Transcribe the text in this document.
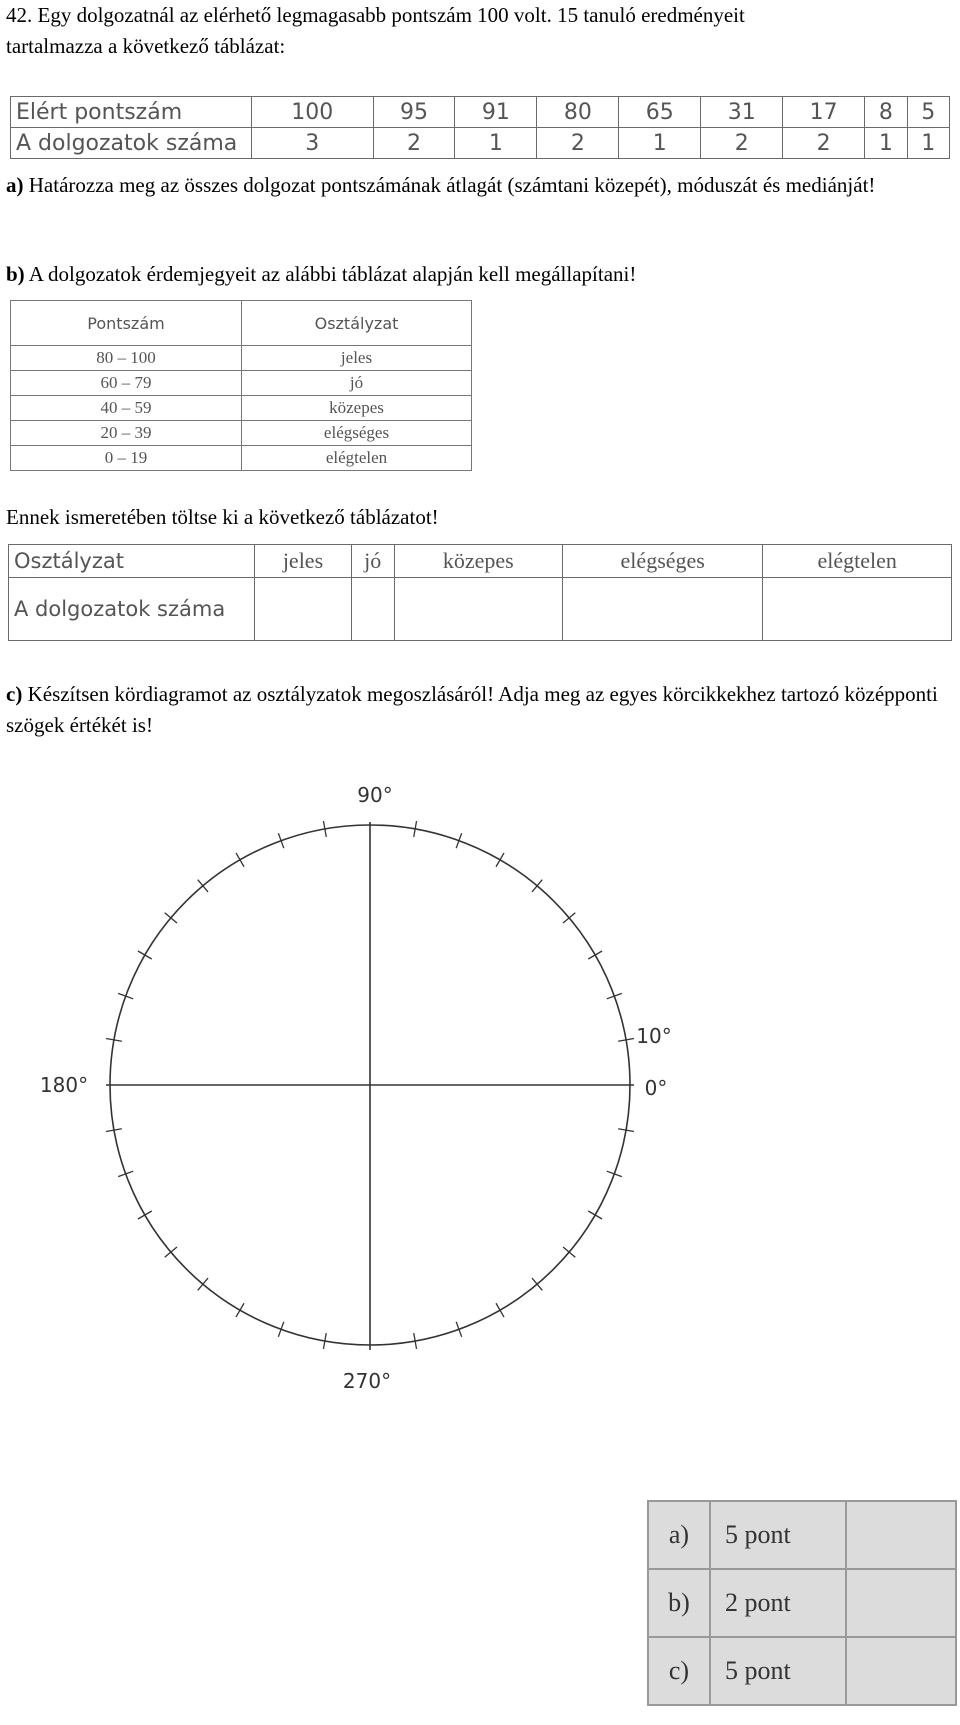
42. Egy dolgozatnál az elérhető legmagasabb pontszám 100 volt. 15 tanuló eredményeit
tartalmazza a következő táblázat:
Elért pontszám	100	95	91	80	65	31	17	8	5
A dolgozatok száma	3	2	1	2	1	2	2	1	1
a) Határozza meg az összes dolgozat pontszámának átlagát (számtani közepét), móduszát és mediánját!
b) A dolgozatok érdemjegyeit az alábbi táblázat alapján kell megállapítani!
Pontszám	Osztályzat
80 – 100	jeles
60 – 79	jó
40 – 59	közepes
20 – 39	elégséges
0 – 19	elégtelen
Ennek ismeretében töltse ki a következő táblázatot!
Osztályzat	jeles	jó	közepes	elégséges	elégtelen
A dolgozatok száma					
c) Készítsen kördiagramot az osztályzatok megoszlásáról! Adja meg az egyes körcikkekhez tartozó középponti szögek értékét is!
90°
180°
270°
0°
10°
a)	5 pont	
b)	2 pont	
c)	5 pont	
